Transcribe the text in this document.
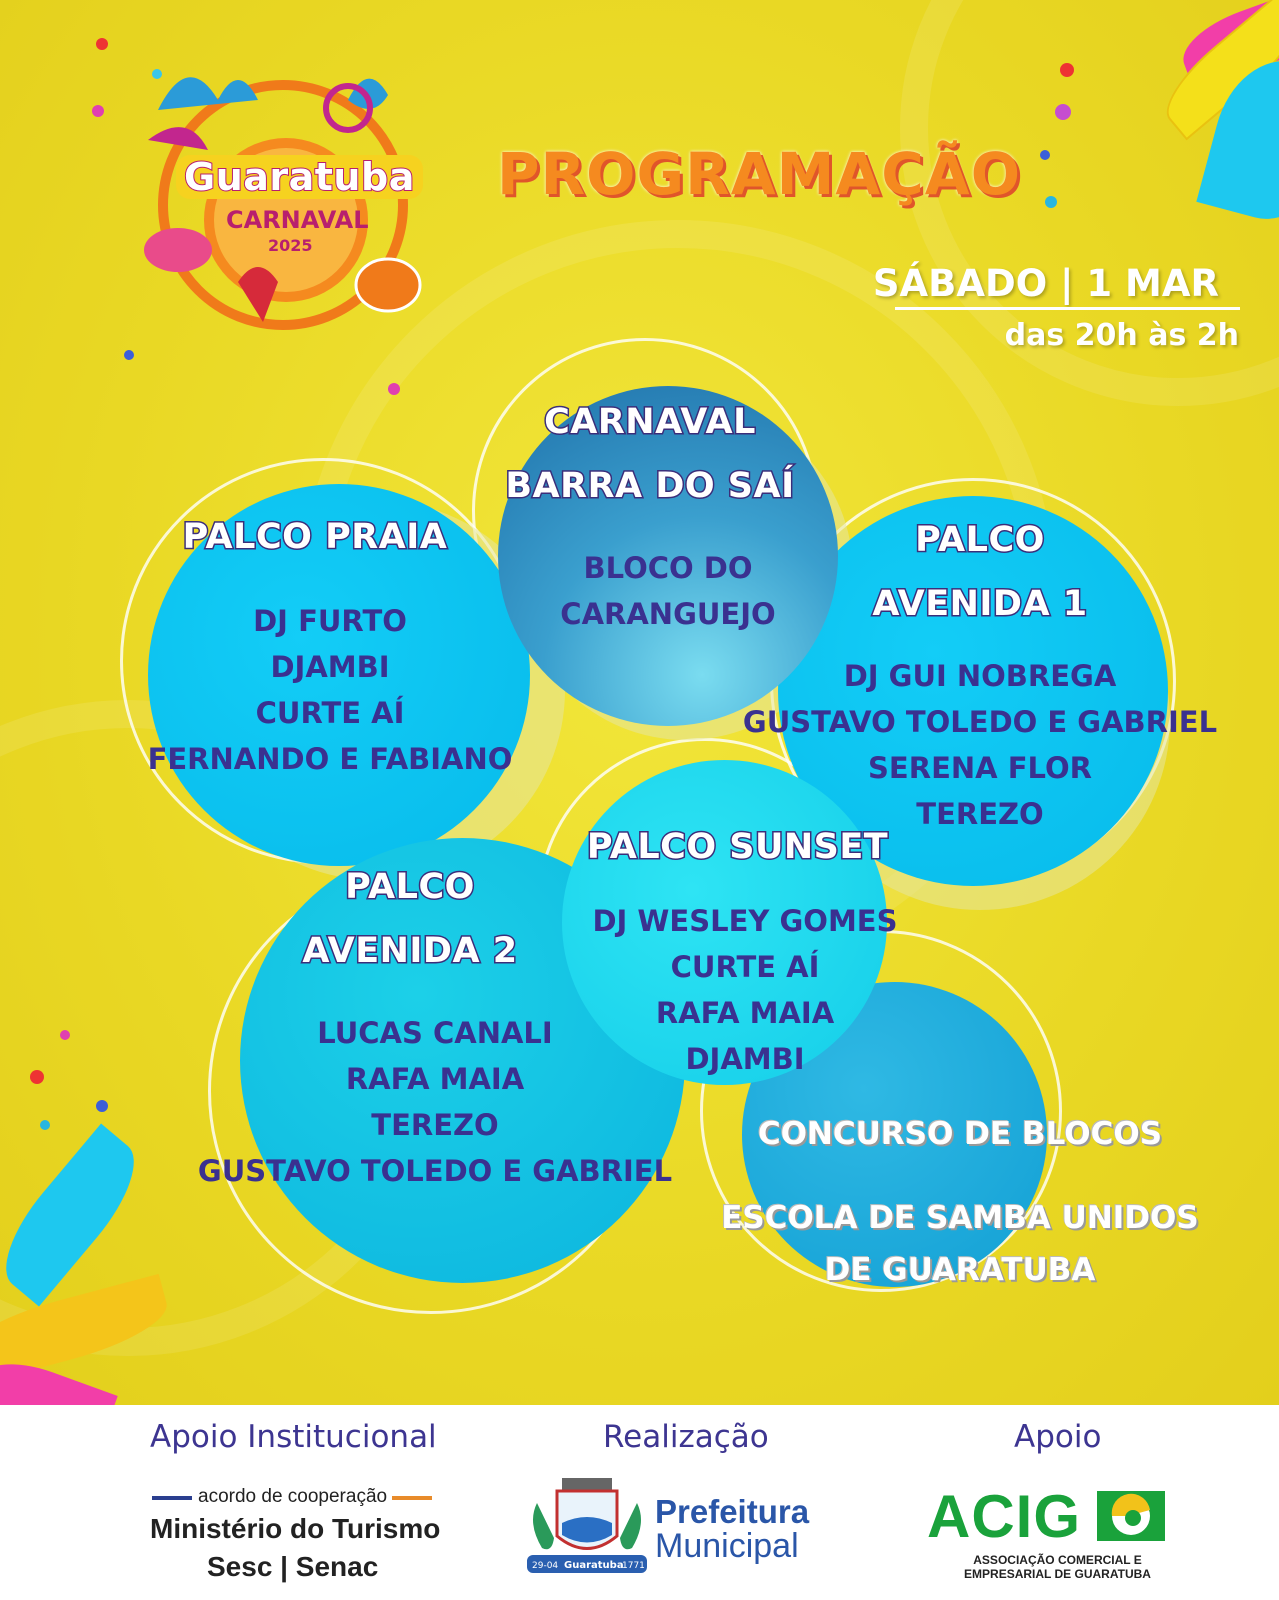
Guaratuba
CARNAVAL
2025
PROGRAMAÇÃO
SÁBADO | 1 MAR
das 20h às 2h
CARNAVAL
BARRA DO SAÍ
BLOCO DO
CARANGUEJO
PALCO PRAIA
DJ FURTO
DJAMBI
CURTE AÍ
FERNANDO E FABIANO
PALCO
AVENIDA 1
DJ GUI NOBREGA
GUSTAVO TOLEDO E GABRIEL
SERENA FLOR
TEREZO
PALCO SUNSET
DJ WESLEY GOMES
CURTE AÍ
RAFA MAIA
DJAMBI
PALCO
AVENIDA 2
LUCAS CANALI
RAFA MAIA
TEREZO
GUSTAVO TOLEDO E GABRIEL
CONCURSO DE BLOCOS
ESCOLA DE SAMBA UNIDOS
DE GUARATUBA
Apoio Institucional
acordo de cooperação
Ministério do Turismo
Sesc | Senac
Realização
29-04 Guaratuba
1771
Prefeitura
Municipal
Apoio
ACIG
ASSOCIAÇÃO COMERCIAL E
EMPRESARIAL DE GUARATUBA
